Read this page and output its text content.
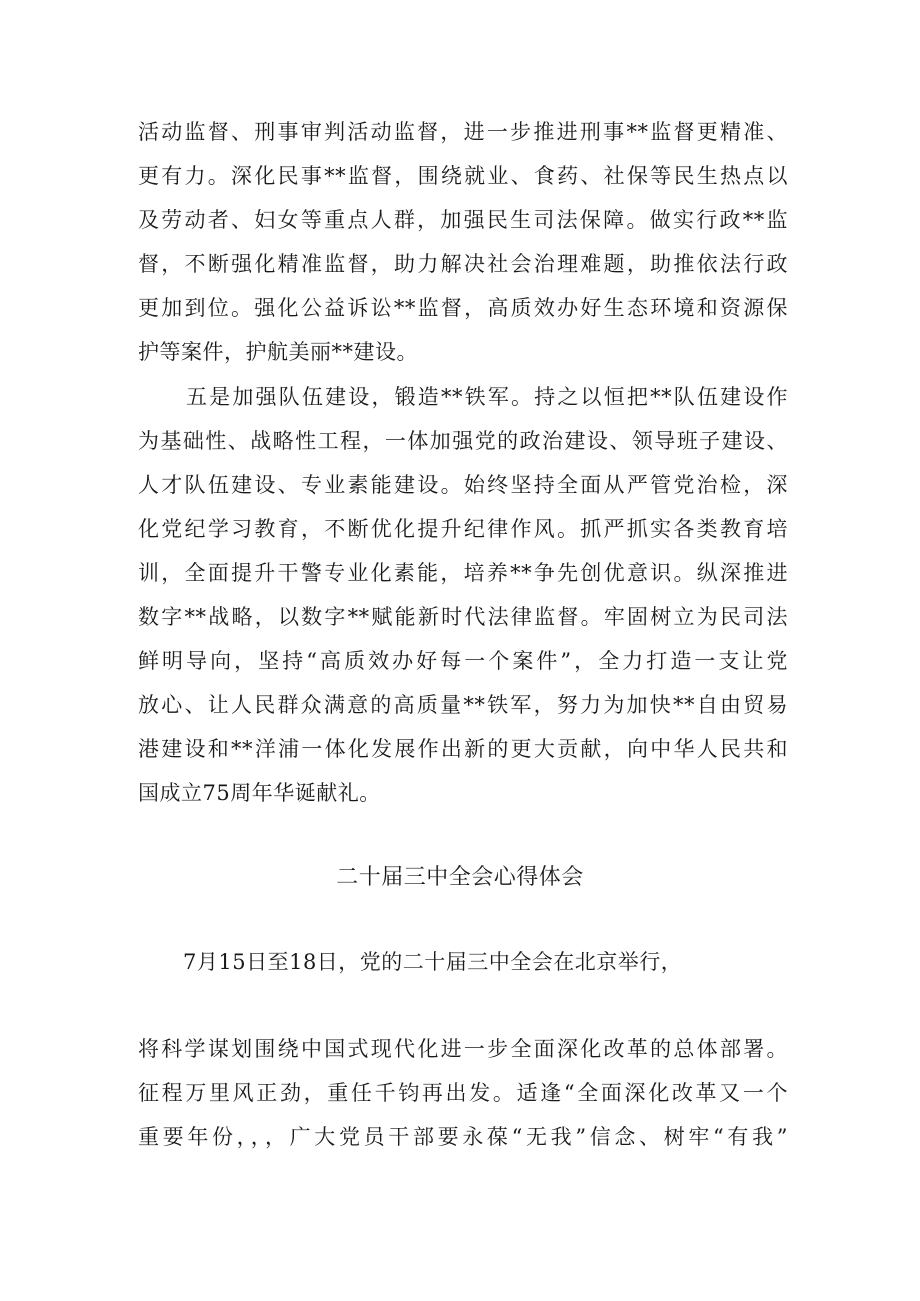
活动监督、刑事审判活动监督，进一步推进刑事**监督更精准、
更有力。深化民事**监督，围绕就业、食药、社保等民生热点以
及劳动者、妇女等重点人群，加强民生司法保障。做实行政**监
督，不断强化精准监督，助力解决社会治理难题，助推依法行政
更加到位。强化公益诉讼**监督，高质效办好生态环境和资源保
护等案件，护航美丽**建设。
五是加强队伍建设，锻造**铁军。持之以恒把**队伍建设作
为基础性、战略性工程，一体加强党的政治建设、领导班子建设、
人才队伍建设、专业素能建设。始终坚持全面从严管党治检，深
化党纪学习教育，不断优化提升纪律作风。抓严抓实各类教育培
训，全面提升干警专业化素能，培养**争先创优意识。纵深推进
数字**战略，以数字**赋能新时代法律监督。牢固树立为民司法
鲜明导向，坚持“高质效办好每一个案件”，全力打造一支让党
放心、让人民群众满意的高质量**铁军，努力为加快**自由贸易
港建设和**洋浦一体化发展作出新的更大贡献，向中华人民共和
国成立75周年华诞献礼。
二十届三中全会心得体会
7月15日至18日，党的二十届三中全会在北京举行，
将科学谋划围绕中国式现代化进一步全面深化改革的总体部署。
征程万里风正劲，重任千钧再出发。适逢“全面深化改革又一个
重要年份，，，广大党员干部要永葆“无我”信念、树牢“有我”
